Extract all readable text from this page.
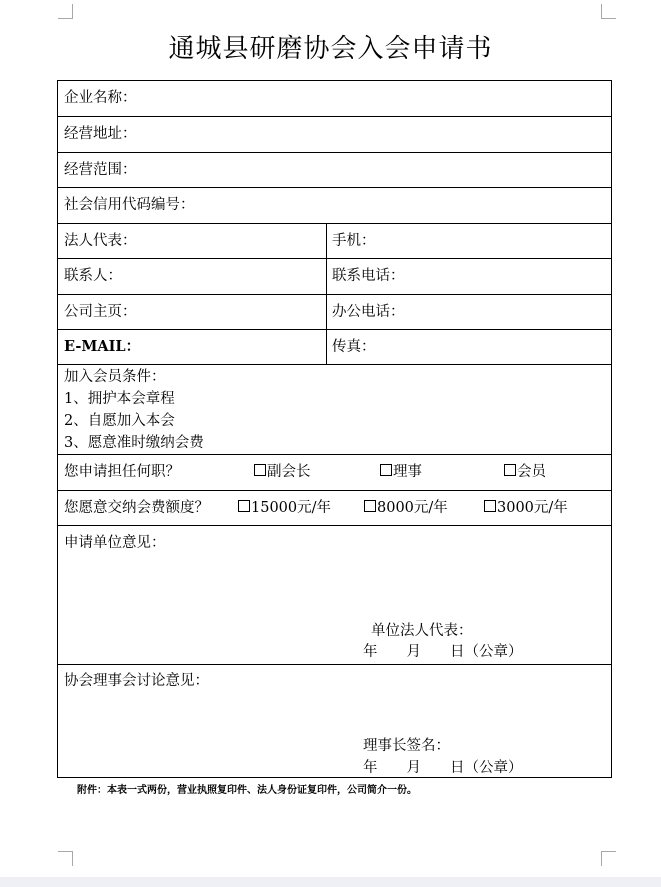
通城县研磨协会入会申请书
企业名称：
经营地址：
经营范围：
社会信用代码编号：
法人代表：	手机：
联系人：	联系电话：
公司主页：	办公电话：
E-MAIL：	传真：
加入会员条件：
1、拥护本会章程
2、自愿加入本会
3、愿意准时缴纳会费
您申请担任何职？	副会长	理事	会员
您愿意交纳会费额度？	15000元/年	8000元/年	3000元/年
申请单位意见：
单位法人代表：
年　　月　　日（公章）
协会理事会讨论意见：
理事长签名：
年　　月　　日（公章）
附件：本表一式两份，营业执照复印件、法人身份证复印件，公司简介一份。
